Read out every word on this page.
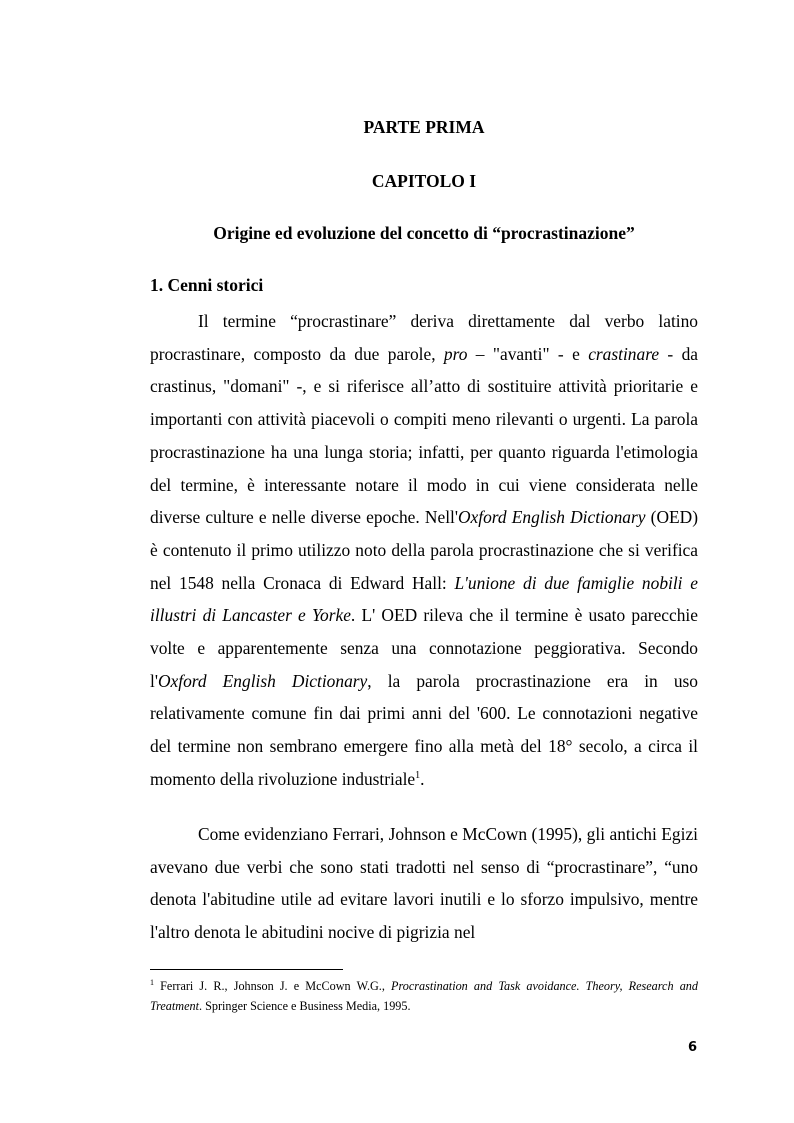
PARTE PRIMA
CAPITOLO I
Origine ed evoluzione del concetto di “procrastinazione”
1. Cenni storici

Il termine “procrastinare” deriva direttamente dal verbo latino procrastinare, composto da due parole, pro – "avanti" - e crastinare - da crastinus, "domani" -, e si riferisce all’atto di sostituire attività prioritarie e importanti con attività piacevoli o compiti meno rilevanti o urgenti. La parola procrastinazione ha una lunga storia; infatti, per quanto riguarda l'etimologia del termine, è interessante notare il modo in cui viene considerata nelle diverse culture e nelle diverse epoche. Nell'Oxford English Dictionary (OED) è contenuto il primo utilizzo noto della parola procrastinazione che si verifica nel 1548 nella Cronaca di Edward Hall: L'unione di due famiglie nobili e illustri di Lancaster e Yorke. L' OED rileva che il termine è usato parecchie volte e apparentemente senza una connotazione peggiorativa. Secondo l'Oxford English Dictionary, la parola procrastinazione era in uso relativamente comune fin dai primi anni del '600. Le connotazioni negative del termine non sembrano emergere fino alla metà del 18° secolo, a circa il momento della rivoluzione industriale$^1$.

Come evidenziano Ferrari, Johnson e McCown (1995), gli antichi Egizi avevano due verbi che sono stati tradotti nel senso di “procrastinare”, “uno denota l'abitudine utile ad evitare lavori inutili e lo sforzo impulsivo, mentre l'altro denota le abitudini nocive di pigrizia nel

$^1$ Ferrari J. R., Johnson J. e McCown W.G., Procrastination and Task avoidance. Theory, Research and Treatment. Springer Science e Business Media, 1995.

6
